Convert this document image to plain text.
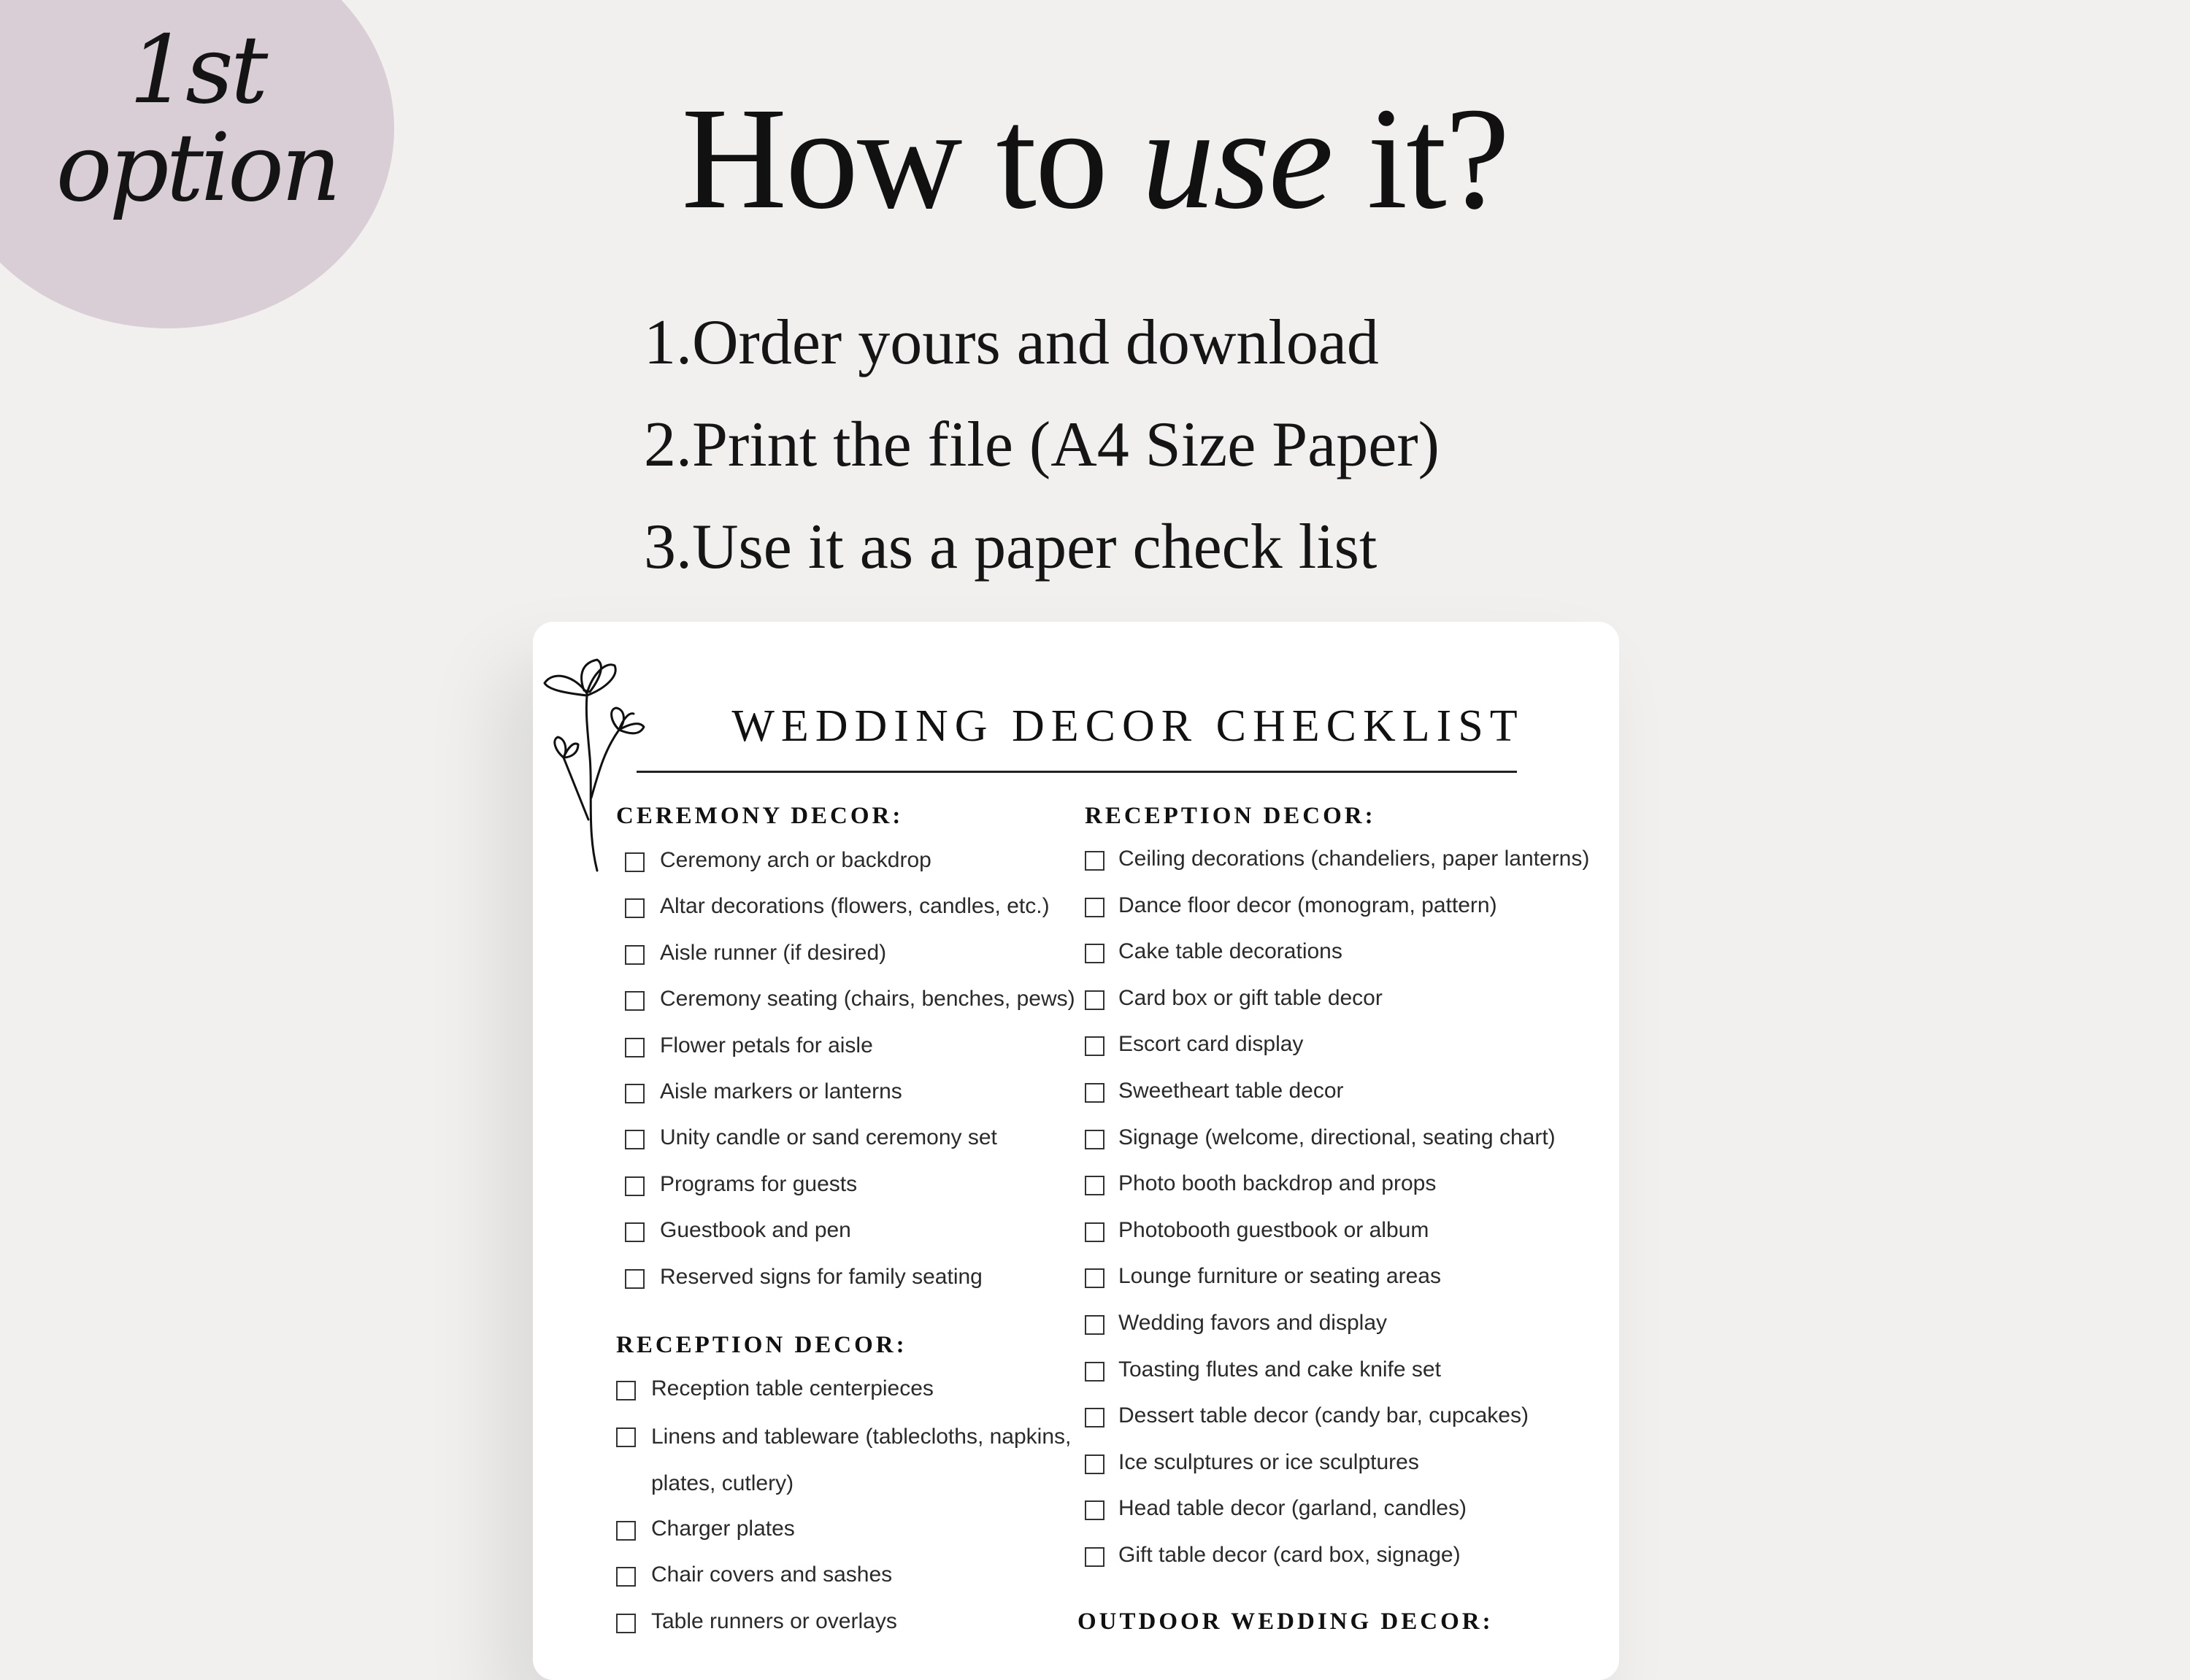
1st
option	How to use it?
1.Order yours and download
2.Print the file (A4 Size Paper)
3.Use it as a paper check list
WEDDING DECOR CHECKLIST
CEREMONY DECOR:
Ceremony arch or backdrop
Altar decorations (flowers, candles, etc.)
Aisle runner (if desired)
Ceremony seating (chairs, benches, pews)
Flower petals for aisle
Aisle markers or lanterns
Unity candle or sand ceremony set
Programs for guests
Guestbook and pen
Reserved signs for family seating
RECEPTION DECOR:
Reception table centerpieces
Linens and tableware (tablecloths, napkins, plates, cutlery)
Charger plates
Chair covers and sashes
Table runners or overlays
RECEPTION DECOR:
Ceiling decorations (chandeliers, paper lanterns)
Dance floor decor (monogram, pattern)
Cake table decorations
Card box or gift table decor
Escort card display
Sweetheart table decor
Signage (welcome, directional, seating chart)
Photo booth backdrop and props
Photobooth guestbook or album
Lounge furniture or seating areas
Wedding favors and display
Toasting flutes and cake knife set
Dessert table decor (candy bar, cupcakes)
Ice sculptures or ice sculptures
Head table decor (garland, candles)
Gift table decor (card box, signage)
OUTDOOR WEDDING DECOR:
